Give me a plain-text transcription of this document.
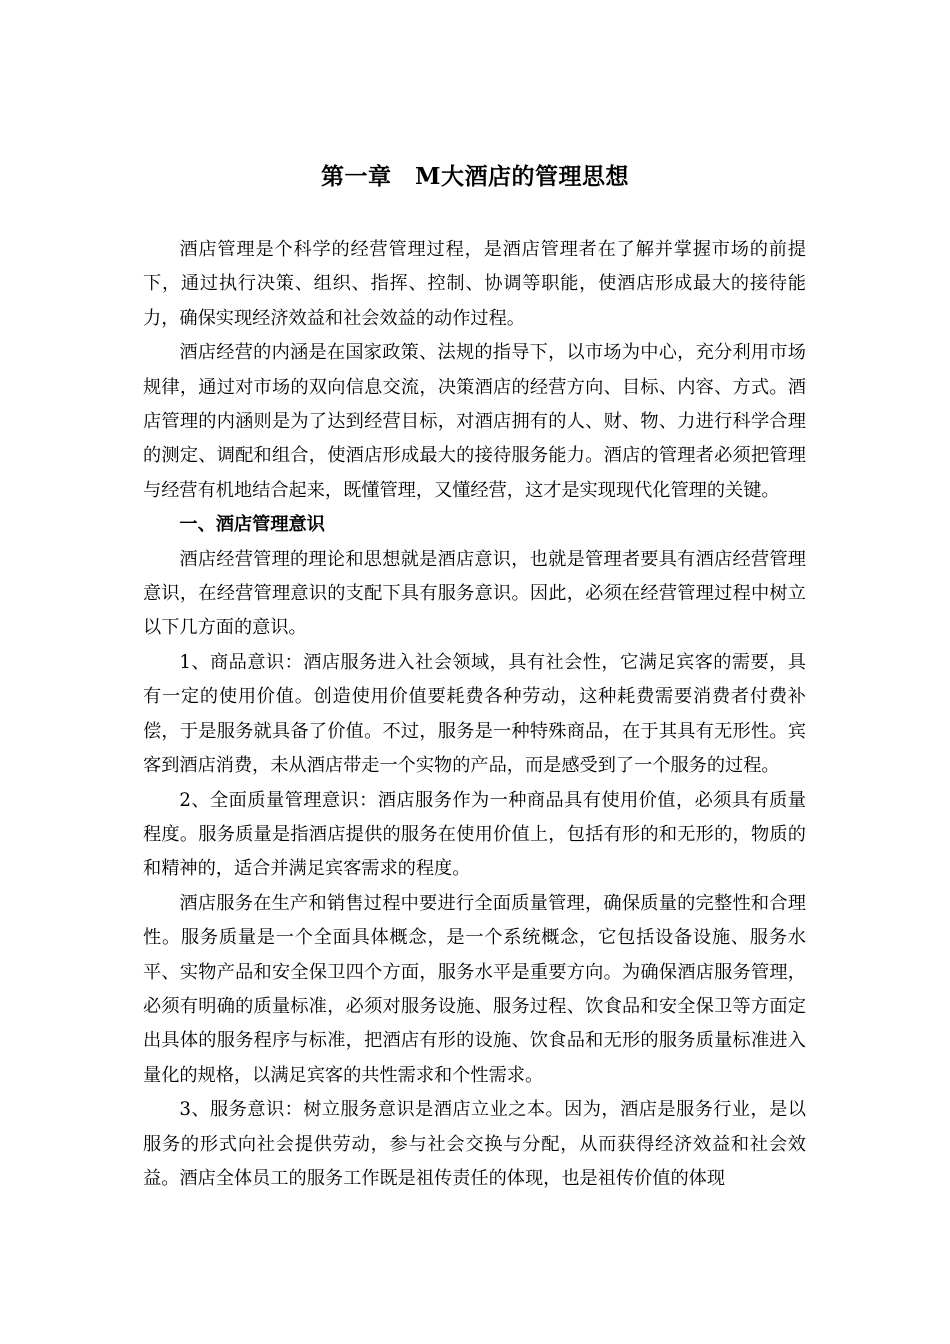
第一章　M大酒店的管理思想

酒店管理是个科学的经营管理过程，是酒店管理者在了解并掌握市场的前提下，通过执行决策、组织、指挥、控制、协调等职能，使酒店形成最大的接待能力，确保实现经济效益和社会效益的动作过程。

酒店经营的内涵是在国家政策、法规的指导下，以市场为中心，充分利用市场规律，通过对市场的双向信息交流，决策酒店的经营方向、目标、内容、方式。酒店管理的内涵则是为了达到经营目标，对酒店拥有的人、财、物、力进行科学合理的测定、调配和组合，使酒店形成最大的接待服务能力。酒店的管理者必须把管理与经营有机地结合起来，既懂管理，又懂经营，这才是实现现代化管理的关键。

一、酒店管理意识

酒店经营管理的理论和思想就是酒店意识，也就是管理者要具有酒店经营管理意识，在经营管理意识的支配下具有服务意识。因此，必须在经营管理过程中树立以下几方面的意识。

1、商品意识：酒店服务进入社会领域，具有社会性，它满足宾客的需要，具有一定的使用价值。创造使用价值要耗费各种劳动，这种耗费需要消费者付费补偿，于是服务就具备了价值。不过，服务是一种特殊商品，在于其具有无形性。宾客到酒店消费，未从酒店带走一个实物的产品，而是感受到了一个服务的过程。

2、全面质量管理意识：酒店服务作为一种商品具有使用价值，必须具有质量程度。服务质量是指酒店提供的服务在使用价值上，包括有形的和无形的，物质的和精神的，适合并满足宾客需求的程度。

酒店服务在生产和销售过程中要进行全面质量管理，确保质量的完整性和合理性。服务质量是一个全面具体概念，是一个系统概念，它包括设备设施、服务水平、实物产品和安全保卫四个方面，服务水平是重要方向。为确保酒店服务管理，必须有明确的质量标准，必须对服务设施、服务过程、饮食品和安全保卫等方面定出具体的服务程序与标准，把酒店有形的设施、饮食品和无形的服务质量标准进入量化的规格，以满足宾客的共性需求和个性需求。

3、服务意识：树立服务意识是酒店立业之本。因为，酒店是服务行业，是以服务的形式向社会提供劳动，参与社会交换与分配，从而获得经济效益和社会效益。酒店全体员工的服务工作既是祖传责任的体现，也是祖传价值的体现
